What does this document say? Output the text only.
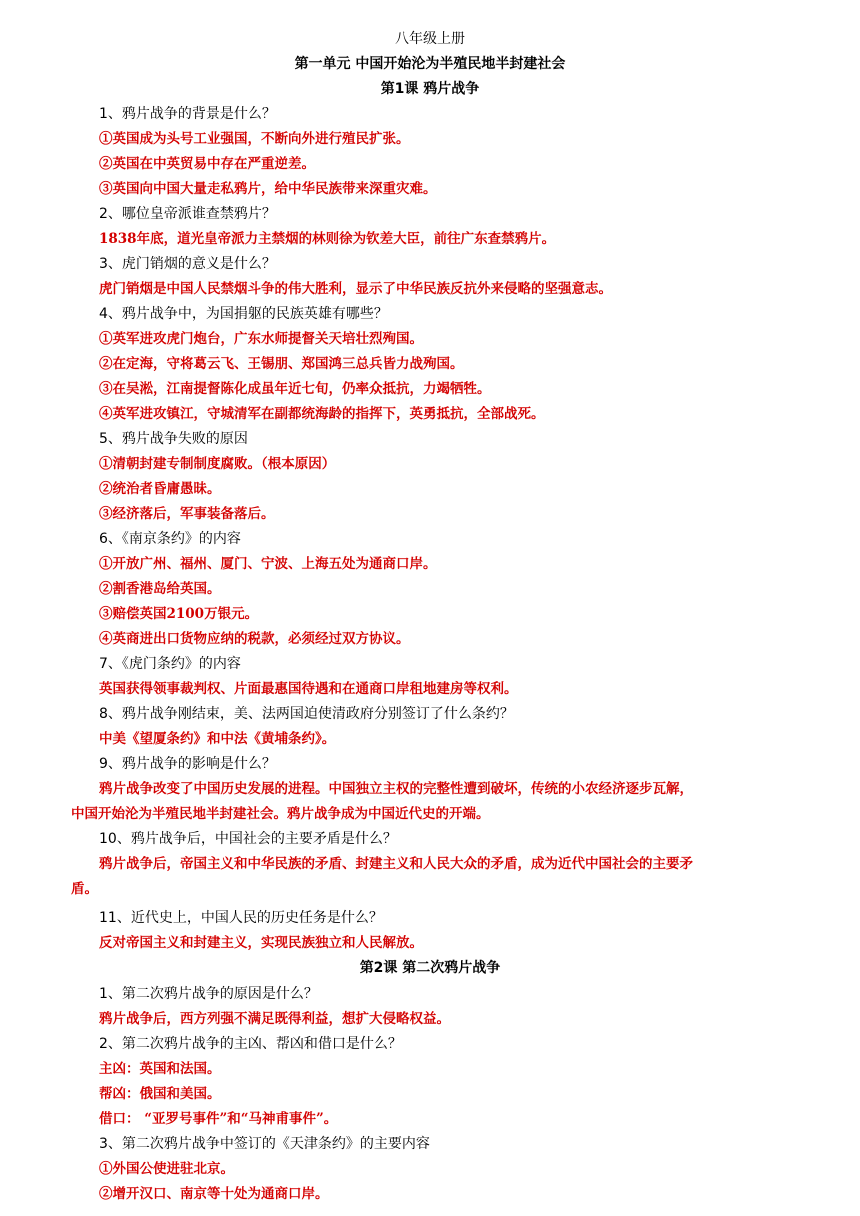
八年级上册
第一单元 中国开始沦为半殖民地半封建社会
第1课 鸦片战争
1、鸦片战争的背景是什么？
①英国成为头号工业强国，不断向外进行殖民扩张。
②英国在中英贸易中存在严重逆差。
③英国向中国大量走私鸦片，给中华民族带来深重灾难。
2、哪位皇帝派谁查禁鸦片？
1838年底，道光皇帝派力主禁烟的林则徐为钦差大臣，前往广东查禁鸦片。
3、虎门销烟的意义是什么？
虎门销烟是中国人民禁烟斗争的伟大胜利，显示了中华民族反抗外来侵略的坚强意志。
4、鸦片战争中，为国捐躯的民族英雄有哪些？
①英军进攻虎门炮台，广东水师提督关天培壮烈殉国。
②在定海，守将葛云飞、王锡朋、郑国鸿三总兵皆力战殉国。
③在吴淞，江南提督陈化成虽年近七旬，仍率众抵抗，力竭牺牲。
④英军进攻镇江，守城清军在副都统海龄的指挥下，英勇抵抗，全部战死。
5、鸦片战争失败的原因
①清朝封建专制制度腐败。（根本原因）
②统治者昏庸愚昧。
③经济落后，军事装备落后。
6、《南京条约》的内容
①开放广州、福州、厦门、宁波、上海五处为通商口岸。
②割香港岛给英国。
③赔偿英国2100万银元。
④英商进出口货物应纳的税款，必须经过双方协议。
7、《虎门条约》的内容
英国获得领事裁判权、片面最惠国待遇和在通商口岸租地建房等权利。
8、鸦片战争刚结束，美、法两国迫使清政府分别签订了什么条约？
中美《望厦条约》和中法《黄埔条约》。
9、鸦片战争的影响是什么？
鸦片战争改变了中国历史发展的进程。中国独立主权的完整性遭到破坏，传统的小农经济逐步瓦解，
中国开始沦为半殖民地半封建社会。鸦片战争成为中国近代史的开端。
10、鸦片战争后，中国社会的主要矛盾是什么？
鸦片战争后，帝国主义和中华民族的矛盾、封建主义和人民大众的矛盾，成为近代中国社会的主要矛
盾。
11、近代史上，中国人民的历史任务是什么？
反对帝国主义和封建主义，实现民族独立和人民解放。
第2课 第二次鸦片战争
1、第二次鸦片战争的原因是什么？
鸦片战争后，西方列强不满足既得利益，想扩大侵略权益。
2、第二次鸦片战争的主凶、帮凶和借口是什么？
主凶：英国和法国。
帮凶：俄国和美国。
借口： “亚罗号事件”和“马神甫事件”。
3、第二次鸦片战争中签订的《天津条约》的主要内容
①外国公使进驻北京。
②增开汉口、南京等十处为通商口岸。
